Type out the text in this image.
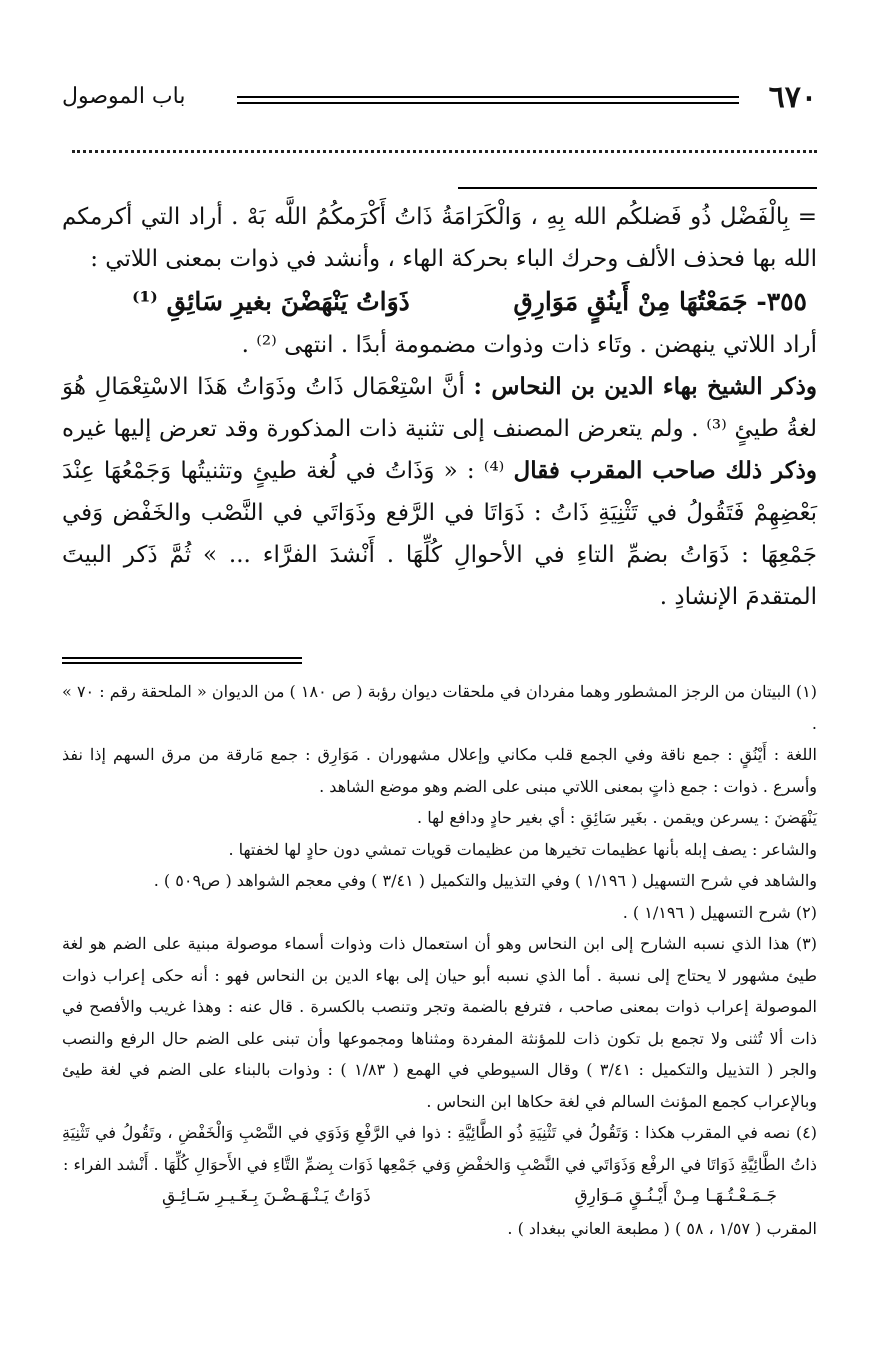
٦٧٠
باب الموصول

= بِالْفَضْل ذُو فَضلكُم الله بِهِ ، وَالْكَرَامَةُ ذَاتُ أَكْرَمكُمُ اللَّه بَهْ . أراد التي أكرمكم الله بها فحذف الألف وحرك الباء بحركة الهاء ، وأنشد في ذوات بمعنى اللاتي :

٣٥٥- جَمَعْتُهَا مِنْ أَينُقٍ مَوَارِقِ
ذَوَاتُ يَنْهَضْنَ بغيرِ سَائِقِ ⁽¹⁾

أراد اللاتي ينهضن . وتَاء ذات وذوات مضمومة أبدًا . انتهى ⁽²⁾ .

وذكر الشيخ بهاء الدين بن النحاس : أنَّ اسْتِعْمَال ذَاتُ وذَوَاتُ هَذَا الاسْتِعْمَالِ هُوَ لغةُ طيئٍ ⁽³⁾ . ولم يتعرض المصنف إلى تثنية ذات المذكورة وقد تعرض إليها غيره وذكر ذلك صاحب المقرب فقال ⁽⁴⁾ : « وَذَاتُ في لُغة طيئٍ وتثنيتُها وَجَمْعُهَا عِنْدَ بَعْضِهِمْ فَتَقُولُ في تَثْنِيَةِ ذَاتُ : ذَوَاتَا في الرَّفع وذَوَاتَي في النَّصْب والخَفْض وَفي جَمْعِهَا : ذَوَاتُ بضمِّ التاءِ في الأحوالِ كُلِّهَا . أَنْشدَ الفرَّاء ... » ثُمَّ ذَكر البيتَ المتقدمَ الإنشادِ .

(١) البيتان من الرجز المشطور وهما مفردان في ملحقات ديوان رؤبة ( ص ١٨٠ ) من الديوان « الملحقة رقم : ٧٠ » .

اللغة : أَيْنُقٍ : جمع ناقة وفي الجمع قلب مكاني وإعلال مشهوران . مَوَارِق : جمع مَارقة من مرق السهم إذا نفذ وأسرع . ذوات : جمع ذاتٍ بمعنى اللاتي مبنى على الضم وهو موضع الشاهد .

يَنْهَضنَ : يسرعن ويقمن . بغَير سَائِقِ : أي بغير حادٍ ودافع لها .

والشاعر : يصف إبله بأنها عظيمات تخيرها من عظيمات قويات تمشي دون حادٍ لها لخفتها .

والشاهد في شرح التسهيل ( ١/١٩٦ ) وفي التذييل والتكميل ( ٣/٤١ ) وفي معجم الشواهد ( ص٥٠٩ ) .

(٢) شرح التسهيل ( ١/١٩٦ ) .

(٣) هذا الذي نسبه الشارح إلى ابن النحاس وهو أن استعمال ذات وذوات أسماء موصولة مبنية على الضم هو لغة طيئ مشهور لا يحتاج إلى نسبة . أما الذي نسبه أبو حيان إلى بهاء الدين بن النحاس فهو : أنه حكى إعراب ذوات الموصولة إعراب ذوات بمعنى صاحب ، فترفع بالضمة وتجر وتنصب بالكسرة . قال عنه : وهذا غريب والأفصح في ذات ألا تُثنى ولا تجمع بل تكون ذات للمؤنثة المفردة ومثناها ومجموعها وأن تبنى على الضم حال الرفع والنصب والجر ( التذييل والتكميل : ٣/٤١ ) وقال السيوطي في الهمع ( ١/٨٣ ) : وذوات بالبناء على الضم في لغة طيئ وبالإعراب كجمع المؤنث السالم في لغة حكاها ابن النحاس .

(٤) نصه في المقرب هكذا : وَتَقُولُ في تَثْنِيَةِ ذُو الطَّائِيَّةِ : ذوا في الرَّفْعِ وَذَوَي في النَّصْبِ وَالْخَفْضِ ، وتَقُولُ في تَثْنِيَةِ ذاتُ الطَّائِيَّةِ ذَوَاتَا في الرفْع وَذَوَاتَي في النَّصْبِ وَالخفْضِ وَفي جَمْعِها ذَوَات بِضمِّ التَّاءِ في الأَحوَالِ كُلِّهَا . أَنْشد الفراء :

جَـمَـعْـتُـهَـا مِـنْ أَيْـنُـقٍ مَـوَارِقِ
ذَوَاتُ يَـنْـهَـضْـنَ بِـغَـيـرِ سَـائِـقِ

المقرب ( ١/٥٧ ، ٥٨ ) ( مطبعة العاني ببغداد ) .
